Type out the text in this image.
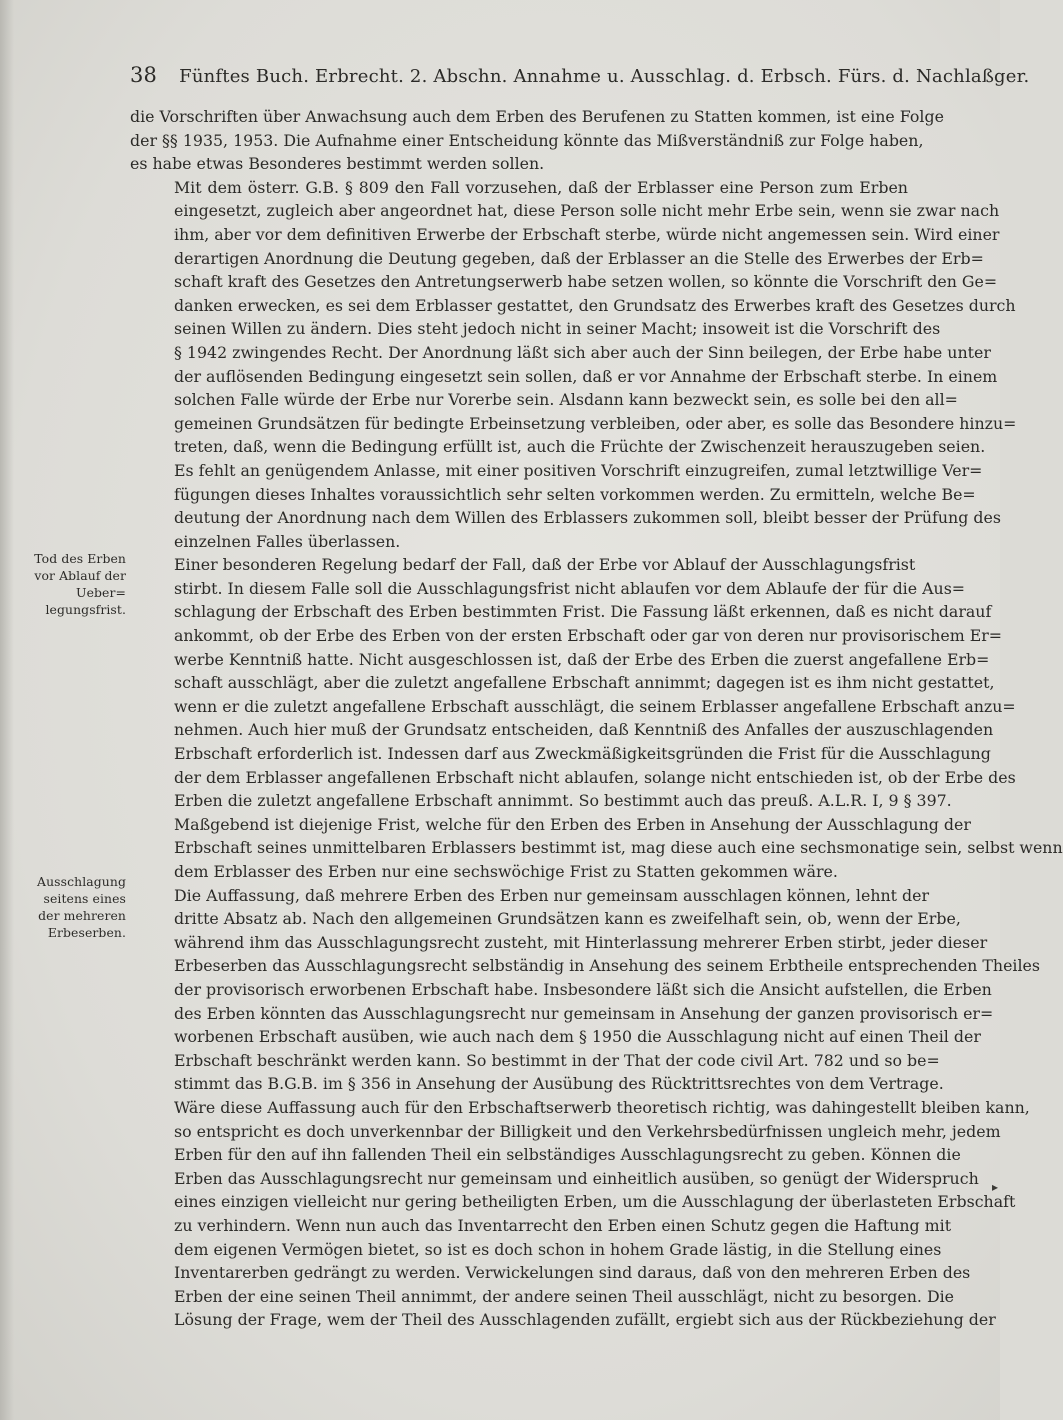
38 Fünftes Buch. Erbrecht. 2. Abschn. Annahme u. Ausschlag. d. Erbsch. Fürs. d. Nachlaßger.
Tod des Erben
vor Ablauf der
Ueber=
legungsfrist.
Ausschlagung
seitens eines
der mehreren
Erbeserben.

die Vorschriften über Anwachsung auch dem Erben des Berufenen zu Statten kommen, ist eine Folge
der §§ 1935, 1953. Die Aufnahme einer Entscheidung könnte das Mißverständniß zur Folge haben,
es habe etwas Besonderes bestimmt werden sollen.

Mit dem österr. G.B. § 809 den Fall vorzusehen, daß der Erblasser eine Person zum Erben
eingesetzt, zugleich aber angeordnet hat, diese Person solle nicht mehr Erbe sein, wenn sie zwar nach
ihm, aber vor dem definitiven Erwerbe der Erbschaft sterbe, würde nicht angemessen sein. Wird einer
derartigen Anordnung die Deutung gegeben, daß der Erblasser an die Stelle des Erwerbes der Erb=
schaft kraft des Gesetzes den Antretungserwerb habe setzen wollen, so könnte die Vorschrift den Ge=
danken erwecken, es sei dem Erblasser gestattet, den Grundsatz des Erwerbes kraft des Gesetzes durch
seinen Willen zu ändern. Dies steht jedoch nicht in seiner Macht; insoweit ist die Vorschrift des
§ 1942 zwingendes Recht. Der Anordnung läßt sich aber auch der Sinn beilegen, der Erbe habe unter
der auflösenden Bedingung eingesetzt sein sollen, daß er vor Annahme der Erbschaft sterbe. In einem
solchen Falle würde der Erbe nur Vorerbe sein. Alsdann kann bezweckt sein, es solle bei den all=
gemeinen Grundsätzen für bedingte Erbeinsetzung verbleiben, oder aber, es solle das Besondere hinzu=
treten, daß, wenn die Bedingung erfüllt ist, auch die Früchte der Zwischenzeit herauszugeben seien.
Es fehlt an genügendem Anlasse, mit einer positiven Vorschrift einzugreifen, zumal letztwillige Ver=
fügungen dieses Inhaltes voraussichtlich sehr selten vorkommen werden. Zu ermitteln, welche Be=
deutung der Anordnung nach dem Willen des Erblassers zukommen soll, bleibt besser der Prüfung des
einzelnen Falles überlassen.

Einer besonderen Regelung bedarf der Fall, daß der Erbe vor Ablauf der Ausschlagungsfrist
stirbt. In diesem Falle soll die Ausschlagungsfrist nicht ablaufen vor dem Ablaufe der für die Aus=
schlagung der Erbschaft des Erben bestimmten Frist. Die Fassung läßt erkennen, daß es nicht darauf
ankommt, ob der Erbe des Erben von der ersten Erbschaft oder gar von deren nur provisorischem Er=
werbe Kenntniß hatte. Nicht ausgeschlossen ist, daß der Erbe des Erben die zuerst angefallene Erb=
schaft ausschlägt, aber die zuletzt angefallene Erbschaft annimmt; dagegen ist es ihm nicht gestattet,
wenn er die zuletzt angefallene Erbschaft ausschlägt, die seinem Erblasser angefallene Erbschaft anzu=
nehmen. Auch hier muß der Grundsatz entscheiden, daß Kenntniß des Anfalles der auszuschlagenden
Erbschaft erforderlich ist. Indessen darf aus Zweckmäßigkeitsgründen die Frist für die Ausschlagung
der dem Erblasser angefallenen Erbschaft nicht ablaufen, solange nicht entschieden ist, ob der Erbe des
Erben die zuletzt angefallene Erbschaft annimmt. So bestimmt auch das preuß. A.L.R. I, 9 § 397.
Maßgebend ist diejenige Frist, welche für den Erben des Erben in Ansehung der Ausschlagung der
Erbschaft seines unmittelbaren Erblassers bestimmt ist, mag diese auch eine sechsmonatige sein, selbst wenn
dem Erblasser des Erben nur eine sechswöchige Frist zu Statten gekommen wäre.

Die Auffassung, daß mehrere Erben des Erben nur gemeinsam ausschlagen können, lehnt der
dritte Absatz ab. Nach den allgemeinen Grundsätzen kann es zweifelhaft sein, ob, wenn der Erbe,
während ihm das Ausschlagungsrecht zusteht, mit Hinterlassung mehrerer Erben stirbt, jeder dieser
Erbeserben das Ausschlagungsrecht selbständig in Ansehung des seinem Erbtheile entsprechenden Theiles
der provisorisch erworbenen Erbschaft habe. Insbesondere läßt sich die Ansicht aufstellen, die Erben
des Erben könnten das Ausschlagungsrecht nur gemeinsam in Ansehung der ganzen provisorisch er=
worbenen Erbschaft ausüben, wie auch nach dem § 1950 die Ausschlagung nicht auf einen Theil der
Erbschaft beschränkt werden kann. So bestimmt in der That der code civil Art. 782 und so be=
stimmt das B.G.B. im § 356 in Ansehung der Ausübung des Rücktrittsrechtes von dem Vertrage.
Wäre diese Auffassung auch für den Erbschaftserwerb theoretisch richtig, was dahingestellt bleiben kann,
so entspricht es doch unverkennbar der Billigkeit und den Verkehrsbedürfnissen ungleich mehr, jedem
Erben für den auf ihn fallenden Theil ein selbständiges Ausschlagungsrecht zu geben. Können die
Erben das Ausschlagungsrecht nur gemeinsam und einheitlich ausüben, so genügt der Widerspruch
eines einzigen vielleicht nur gering betheiligten Erben, um die Ausschlagung der überlasteten Erbschaft
zu verhindern. Wenn nun auch das Inventarrecht den Erben einen Schutz gegen die Haftung mit
dem eigenen Vermögen bietet, so ist es doch schon in hohem Grade lästig, in die Stellung eines
Inventarerben gedrängt zu werden. Verwickelungen sind daraus, daß von den mehreren Erben des
Erben der eine seinen Theil annimmt, der andere seinen Theil ausschlägt, nicht zu besorgen. Die
Lösung der Frage, wem der Theil des Ausschlagenden zufällt, ergiebt sich aus der Rückbeziehung der

▸
